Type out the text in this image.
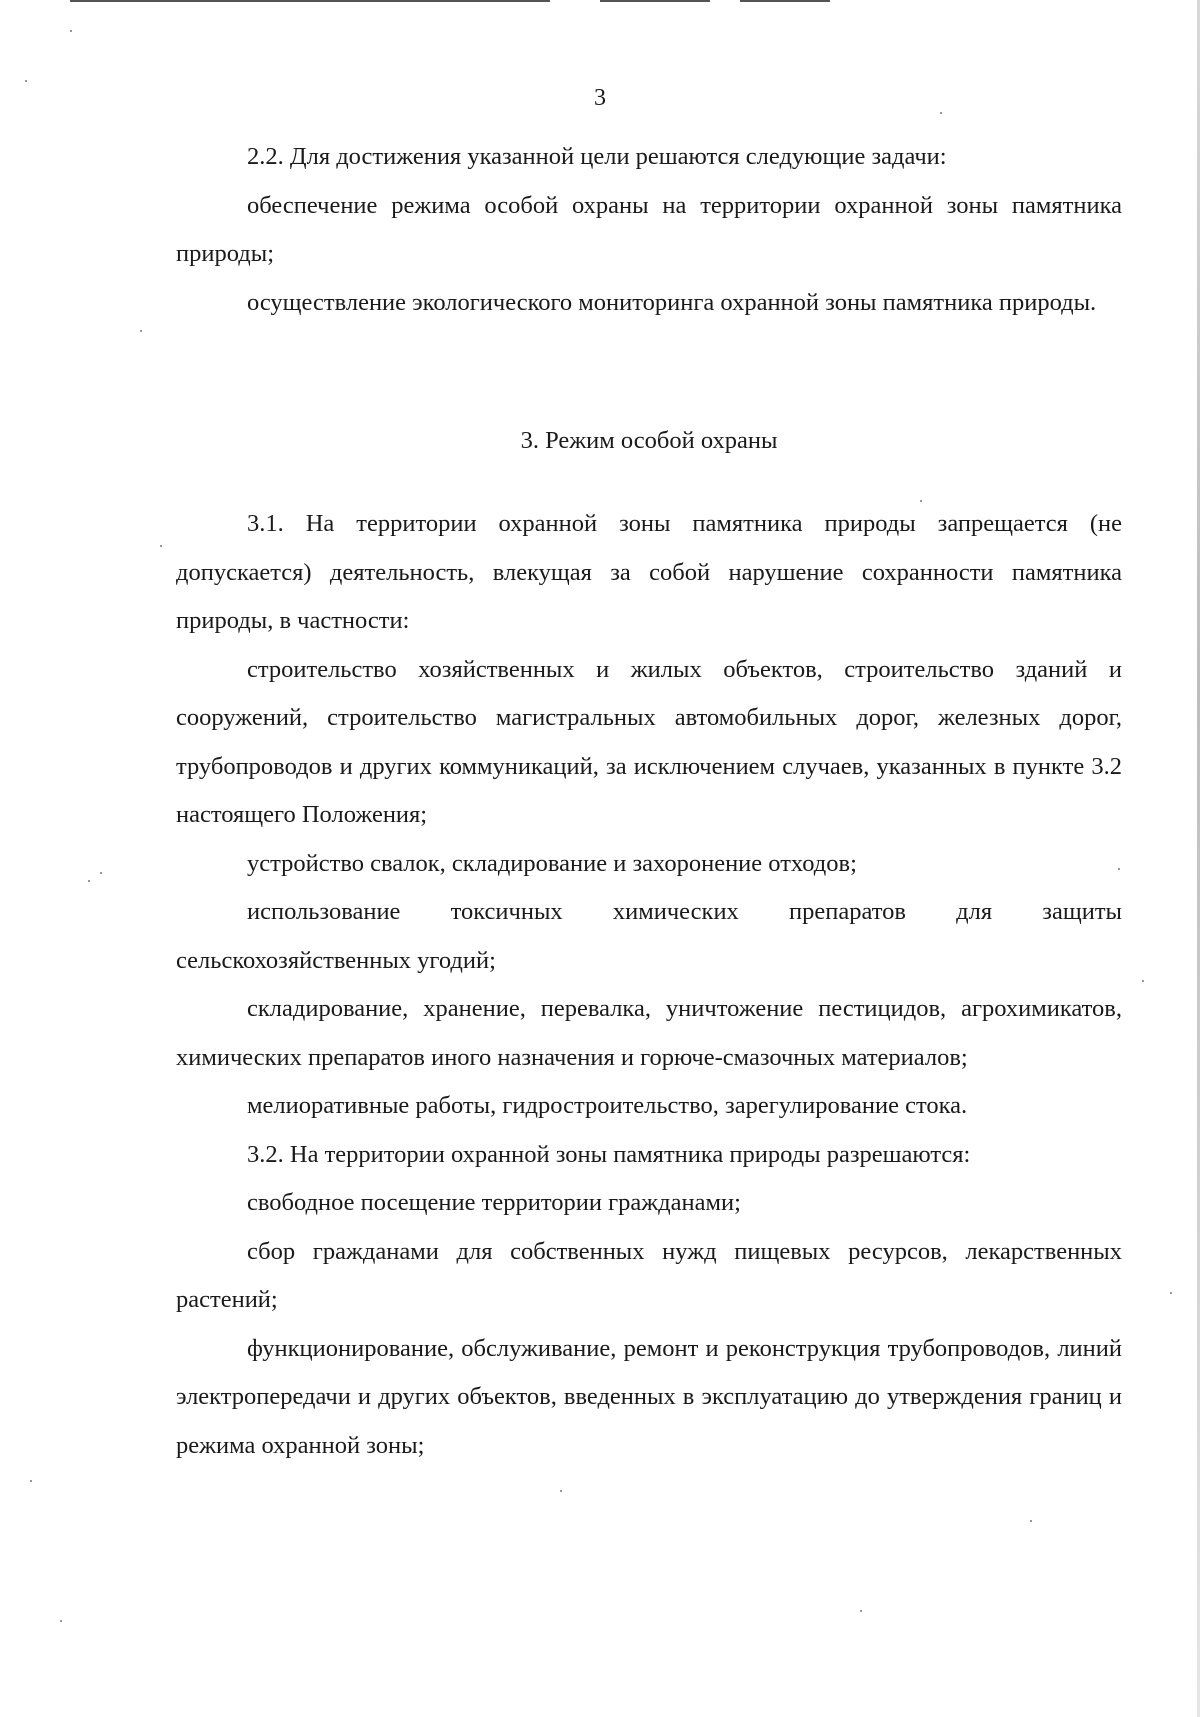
3

2.2. Для достижения указанной цели решаются следующие задачи:

обеспечение режима особой охраны на территории охранной зоны памятника природы;

осуществление экологического мониторинга охранной зоны памятника природы.

3. Режим особой охраны

3.1. На территории охранной зоны памятника природы запрещается (не допускается) деятельность, влекущая за собой нарушение сохранности памятника природы, в частности:

строительство хозяйственных и жилых объектов, строительство зданий и сооружений, строительство магистральных автомобильных дорог, железных дорог, трубопроводов и других коммуникаций, за исключением случаев, указанных в пункте 3.2 настоящего Положения;

устройство свалок, складирование и захоронение отходов;

использование токсичных химических препаратов для защиты сельскохозяйственных угодий;

складирование, хранение, перевалка, уничтожение пестицидов, агрохимикатов, химических препаратов иного назначения и горюче-смазочных материалов;

мелиоративные работы, гидростроительство, зарегулирование стока.

3.2. На территории охранной зоны памятника природы разрешаются:

свободное посещение территории гражданами;

сбор гражданами для собственных нужд пищевых ресурсов, лекарственных растений;

функционирование, обслуживание, ремонт и реконструкция трубопроводов, линий электропередачи и других объектов, введенных в эксплуатацию до утверждения границ и режима охранной зоны;
